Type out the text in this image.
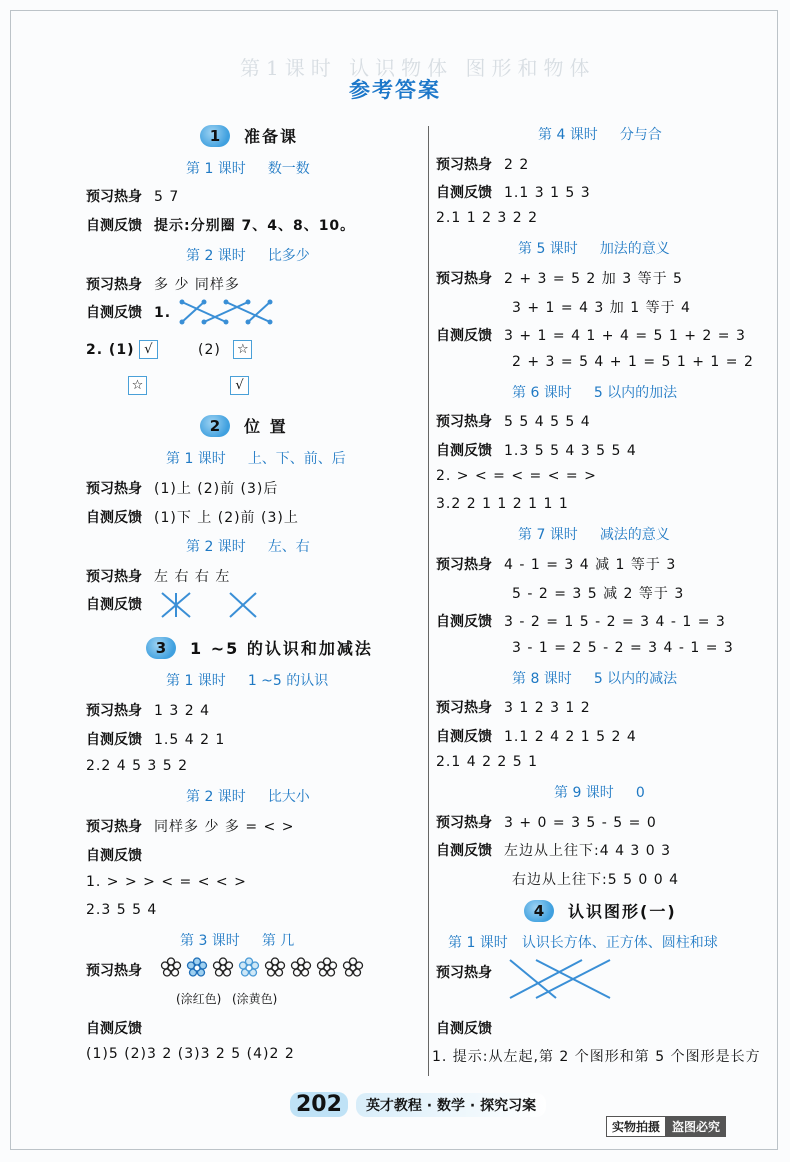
第1课时 认识物体 图形和物体
参考答案
1	准备课
第 1 课时 数一数
预习热身 5 7
自测反馈 提示:分别圈 7、4、8、10。
第 2 课时 比多少
预习热身 多 少 同样多
自测反馈 1.
2. (1) √	(2) ☆
☆	√
2	位 置
第 1 课时 上、下、前、后
预习热身 (1)上 (2)前 (3)后
自测反馈 (1)下 上 (2)前 (3)上
第 2 课时 左、右
预习热身 左 右 右 左
自测反馈
3	1 ~5 的认识和加减法
第 1 课时 1 ~5 的认识
预习热身 1 3 2 4
自测反馈 1.5 4 2 1
2.2 4 5 3 5 2
第 2 课时 比大小
预习热身 同样多 少 多 = < >
自测反馈
1. > > > < = < < >
2.3 5 5 4
第 3 课时 第 几
预习热身
(涂红色) (涂黄色)
自测反馈
(1)5 (2)3 2 (3)3 2 5 (4)2 2
第 4 课时 分与合
预习热身 2 2
自测反馈 1.1 3 1 5 3
2.1 1 2 3 2 2
第 5 课时 加法的意义
预习热身 2 + 3 = 5 2 加 3 等于 5
3 + 1 = 4 3 加 1 等于 4
自测反馈 3 + 1 = 4 1 + 4 = 5 1 + 2 = 3
2 + 3 = 5 4 + 1 = 5 1 + 1 = 2
第 6 课时 5 以内的加法
预习热身 5 5 4 5 5 4
自测反馈 1.3 5 5 4 3 5 5 4
2. > < = < = < = >
3.2 2 1 1 2 1 1 1
第 7 课时 减法的意义
预习热身 4 - 1 = 3 4 减 1 等于 3
5 - 2 = 3 5 减 2 等于 3
自测反馈 3 - 2 = 1 5 - 2 = 3 4 - 1 = 3
3 - 1 = 2 5 - 2 = 3 4 - 1 = 3
第 8 课时 5 以内的减法
预习热身 3 1 2 3 1 2
自测反馈 1.1 2 4 2 1 5 2 4
2.1 4 2 2 5 1
第 9 课时 0
预习热身 3 + 0 = 3 5 - 5 = 0
自测反馈 左边从上往下:4 4 3 0 3
右边从上往下:5 5 0 0 4
4	认识图形(一)
第 1 课时 认识长方体、正方体、圆柱和球
预习热身
自测反馈
1. 提示:从左起,第 2 个图形和第 5 个图形是长方
202	英才教程 · 数学 · 探究习案
实物拍摄	盗图必究
